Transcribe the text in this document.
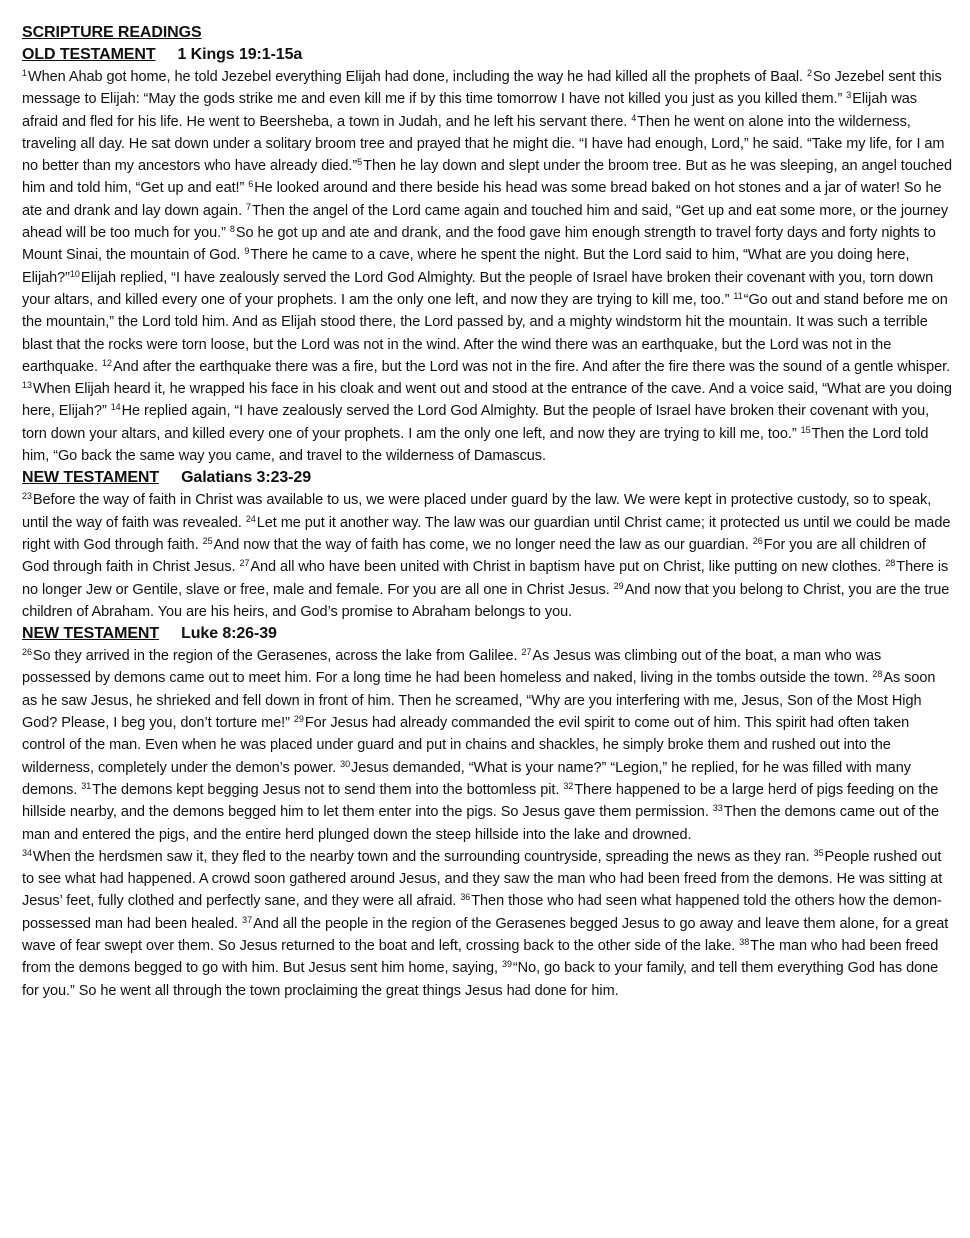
SCRIPTURE READINGS
OLD TESTAMENT 1 Kings 19:1-15a

$^1$When Ahab got home, he told Jezebel everything Elijah had done, including the way he had killed all the prophets of Baal. $^2$So Jezebel sent this message to Elijah: “May the gods strike me and even kill me if by this time tomorrow I have not killed you just as you killed them.” $^3$Elijah was afraid and fled for his life. He went to Beersheba, a town in Judah, and he left his servant there. $^4$Then he went on alone into the wilderness, traveling all day. He sat down under a solitary broom tree and prayed that he might die. “I have had enough, Lord,” he said. “Take my life, for I am no better than my ancestors who have already died.”$^5$Then he lay down and slept under the broom tree. But as he was sleeping, an angel touched him and told him, “Get up and eat!” $^6$He looked around and there beside his head was some bread baked on hot stones and a jar of water! So he ate and drank and lay down again. $^7$Then the angel of the Lord came again and touched him and said, “Get up and eat some more, or the journey ahead will be too much for you.” $^8$So he got up and ate and drank, and the food gave him enough strength to travel forty days and forty nights to Mount Sinai, the mountain of God. $^9$There he came to a cave, where he spent the night. But the Lord said to him, “What are you doing here, Elijah?”$^{10}$Elijah replied, “I have zealously served the Lord God Almighty. But the people of Israel have broken their covenant with you, torn down your altars, and killed every one of your prophets. I am the only one left, and now they are trying to kill me, too.” $^{11}$“Go out and stand before me on the mountain,” the Lord told him. And as Elijah stood there, the Lord passed by, and a mighty windstorm hit the mountain. It was such a terrible blast that the rocks were torn loose, but the Lord was not in the wind. After the wind there was an earthquake, but the Lord was not in the earthquake. $^{12}$And after the earthquake there was a fire, but the Lord was not in the fire. And after the fire there was the sound of a gentle whisper. $^{13}$When Elijah heard it, he wrapped his face in his cloak and went out and stood at the entrance of the cave. And a voice said, “What are you doing here, Elijah?” $^{14}$He replied again, “I have zealously served the Lord God Almighty. But the people of Israel have broken their covenant with you, torn down your altars, and killed every one of your prophets. I am the only one left, and now they are trying to kill me, too.” $^{15}$Then the Lord told him, “Go back the same way you came, and travel to the wilderness of Damascus.

NEW TESTAMENT Galatians 3:23-29

$^{23}$Before the way of faith in Christ was available to us, we were placed under guard by the law. We were kept in protective custody, so to speak, until the way of faith was revealed. $^{24}$Let me put it another way. The law was our guardian until Christ came; it protected us until we could be made right with God through faith. $^{25}$And now that the way of faith has come, we no longer need the law as our guardian. $^{26}$For you are all children of God through faith in Christ Jesus. $^{27}$And all who have been united with Christ in baptism have put on Christ, like putting on new clothes. $^{28}$There is no longer Jew or Gentile, slave or free, male and female. For you are all one in Christ Jesus. $^{29}$And now that you belong to Christ, you are the true children of Abraham. You are his heirs, and God’s promise to Abraham belongs to you.

NEW TESTAMENT Luke 8:26-39

$^{26}$So they arrived in the region of the Gerasenes, across the lake from Galilee. $^{27}$As Jesus was climbing out of the boat, a man who was possessed by demons came out to meet him. For a long time he had been homeless and naked, living in the tombs outside the town. $^{28}$As soon as he saw Jesus, he shrieked and fell down in front of him. Then he screamed, “Why are you interfering with me, Jesus, Son of the Most High God? Please, I beg you, don’t torture me!” $^{29}$For Jesus had already commanded the evil spirit to come out of him. This spirit had often taken control of the man. Even when he was placed under guard and put in chains and shackles, he simply broke them and rushed out into the wilderness, completely under the demon’s power. $^{30}$Jesus demanded, “What is your name?” “Legion,” he replied, for he was filled with many demons. $^{31}$The demons kept begging Jesus not to send them into the bottomless pit. $^{32}$There happened to be a large herd of pigs feeding on the hillside nearby, and the demons begged him to let them enter into the pigs. So Jesus gave them permission. $^{33}$Then the demons came out of the man and entered the pigs, and the entire herd plunged down the steep hillside into the lake and drowned.

$^{34}$When the herdsmen saw it, they fled to the nearby town and the surrounding countryside, spreading the news as they ran. $^{35}$People rushed out to see what had happened. A crowd soon gathered around Jesus, and they saw the man who had been freed from the demons. He was sitting at Jesus’ feet, fully clothed and perfectly sane, and they were all afraid. $^{36}$Then those who had seen what happened told the others how the demon-possessed man had been healed. $^{37}$And all the people in the region of the Gerasenes begged Jesus to go away and leave them alone, for a great wave of fear swept over them. So Jesus returned to the boat and left, crossing back to the other side of the lake. $^{38}$The man who had been freed from the demons begged to go with him. But Jesus sent him home, saying, $^{39}$“No, go back to your family, and tell them everything God has done for you.” So he went all through the town proclaiming the great things Jesus had done for him.
